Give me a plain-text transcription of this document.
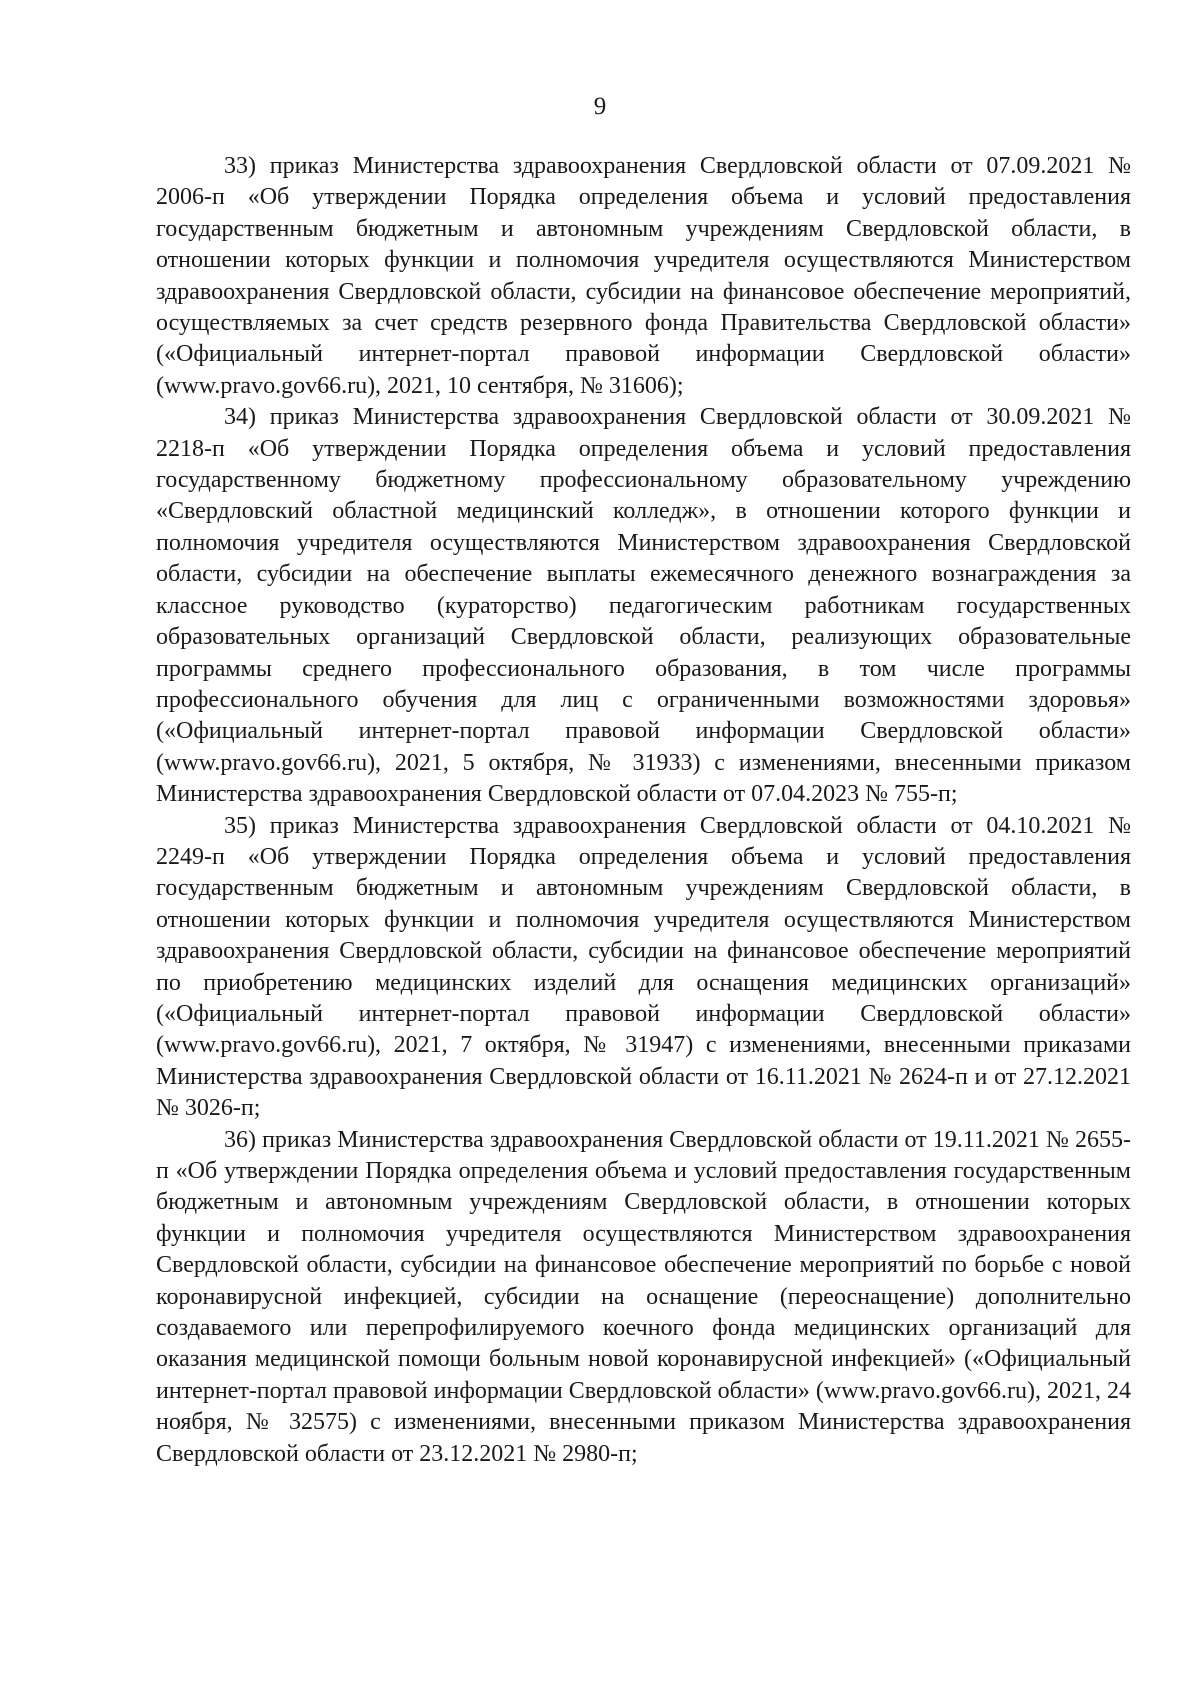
9

33) приказ Министерства здравоохранения Свердловской области от 07.09.2021 № 2006-п «Об утверждении Порядка определения объема и условий предоставления государственным бюджетным и автономным учреждениям Свердловской области, в отношении которых функции и полномочия учредителя осуществляются Министерством здравоохранения Свердловской области, субсидии на финансовое обеспечение мероприятий, осуществляемых за счет средств резервного фонда Правительства Свердловской области» («Официальный интернет-портал правовой информации Свердловской области» (www.pravo.gov66.ru), 2021, 10 сентября, № 31606);

34) приказ Министерства здравоохранения Свердловской области от 30.09.2021 № 2218-п «Об утверждении Порядка определения объема и условий предоставления государственному бюджетному профессиональному образовательному учреждению «Свердловский областной медицинский колледж», в отношении которого функции и полномочия учредителя осуществляются Министерством здравоохранения Свердловской области, субсидии на обеспечение выплаты ежемесячного денежного вознаграждения за классное руководство (кураторство) педагогическим работникам государственных образовательных организаций Свердловской области, реализующих образовательные программы среднего профессионального образования, в том числе программы профессионального обучения для лиц с ограниченными возможностями здоровья» («Официальный интернет-портал правовой информации Свердловской области» (www.pravo.gov66.ru), 2021, 5 октября, № 31933) с изменениями, внесенными приказом Министерства здравоохранения Свердловской области от 07.04.2023 № 755-п;

35) приказ Министерства здравоохранения Свердловской области от 04.10.2021 № 2249-п «Об утверждении Порядка определения объема и условий предоставления государственным бюджетным и автономным учреждениям Свердловской области, в отношении которых функции и полномочия учредителя осуществляются Министерством здравоохранения Свердловской области, субсидии на финансовое обеспечение мероприятий по приобретению медицинских изделий для оснащения медицинских организаций» («Официальный интернет-портал правовой информации Свердловской области» (www.pravo.gov66.ru), 2021, 7 октября, № 31947) с изменениями, внесенными приказами Министерства здравоохранения Свердловской области от 16.11.2021 № 2624-п и от 27.12.2021 № 3026-п;

36) приказ Министерства здравоохранения Свердловской области от 19.11.2021 № 2655-п «Об утверждении Порядка определения объема и условий предоставления государственным бюджетным и автономным учреждениям Свердловской области, в отношении которых функции и полномочия учредителя осуществляются Министерством здравоохранения Свердловской области, субсидии на финансовое обеспечение мероприятий по борьбе с новой коронавирусной инфекцией, субсидии на оснащение (переоснащение) дополнительно создаваемого или перепрофилируемого коечного фонда медицинских организаций для оказания медицинской помощи больным новой коронавирусной инфекцией» («Официальный интернет-портал правовой информации Свердловской области» (www.pravo.gov66.ru), 2021, 24 ноября, № 32575) с изменениями, внесенными приказом Министерства здравоохранения Свердловской области от 23.12.2021 № 2980-п;
